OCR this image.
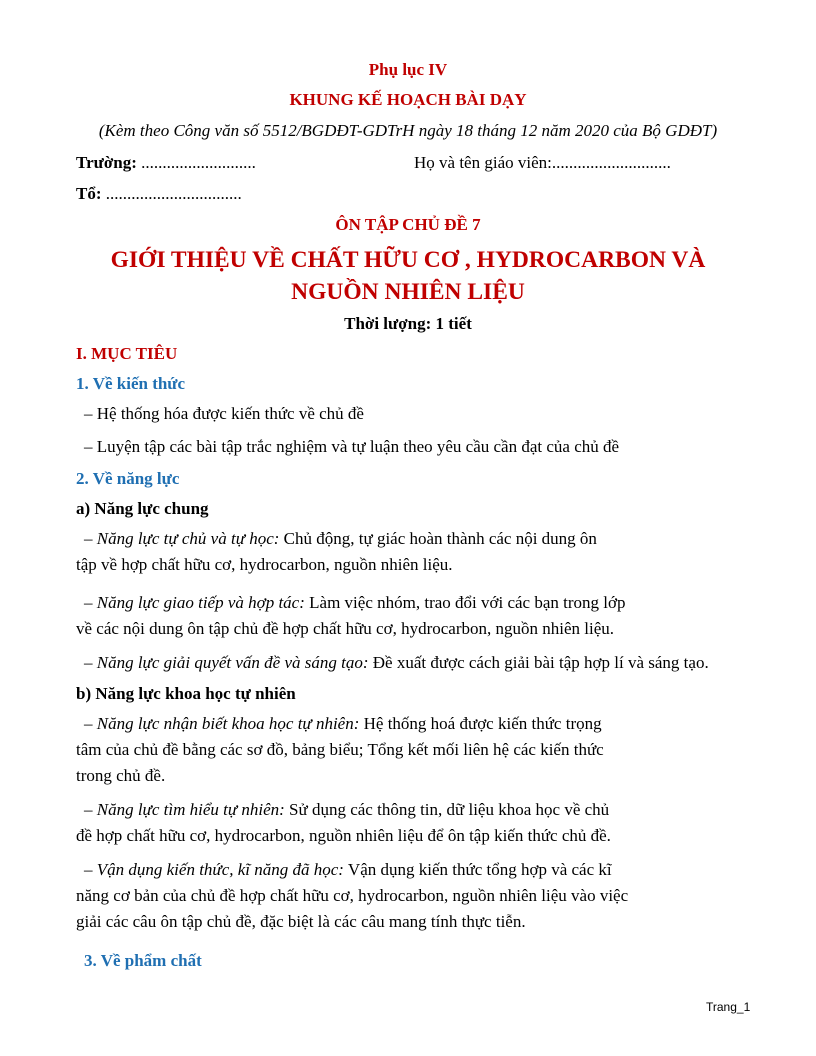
Phụ lục IV
KHUNG KẾ HOẠCH BÀI DẠY
(Kèm theo Công văn số 5512/BGDĐT-GDTrH ngày 18 tháng 12 năm 2020 của Bộ GDĐT)
Trường: ...........................	Họ và tên giáo viên:............................
Tổ: ................................
ÔN TẬP CHỦ ĐỀ 7
GIỚI THIỆU VỀ CHẤT HỮU CƠ , HYDROCARBON VÀ
NGUỒN NHIÊN LIỆU
Thời lượng: 1 tiết
I. MỤC TIÊU
1. Về kiến thức
– Hệ thống hóa được kiến thức về chủ đề
– Luyện tập các bài tập trắc nghiệm và tự luận theo yêu cầu cần đạt của chủ đề
2. Về năng lực
a) Năng lực chung
– Năng lực tự chủ và tự học: Chủ động, tự giác hoàn thành các nội dung ôn
tập về hợp chất hữu cơ, hydrocarbon, nguồn nhiên liệu.
– Năng lực giao tiếp và hợp tác: Làm việc nhóm, trao đổi với các bạn trong lớp
về các nội dung ôn tập chủ đề hợp chất hữu cơ, hydrocarbon, nguồn nhiên liệu.
– Năng lực giải quyết vấn đề và sáng tạo: Đề xuất được cách giải bài tập hợp lí và sáng tạo.
b) Năng lực khoa học tự nhiên
– Năng lực nhận biết khoa học tự nhiên: Hệ thống hoá được kiến thức trọng
tâm của chủ đề bằng các sơ đồ, bảng biểu; Tổng kết mối liên hệ các kiến thức
trong chủ đề.
– Năng lực tìm hiểu tự nhiên: Sử dụng các thông tin, dữ liệu khoa học về chủ
đề hợp chất hữu cơ, hydrocarbon, nguồn nhiên liệu để ôn tập kiến thức chủ đề.
– Vận dụng kiến thức, kĩ năng đã học: Vận dụng kiến thức tổng hợp và các kĩ
năng cơ bản của chủ đề hợp chất hữu cơ, hydrocarbon, nguồn nhiên liệu vào việc
giải các câu ôn tập chủ đề, đặc biệt là các câu mang tính thực tiễn.
3. Về phẩm chất
Trang_1
